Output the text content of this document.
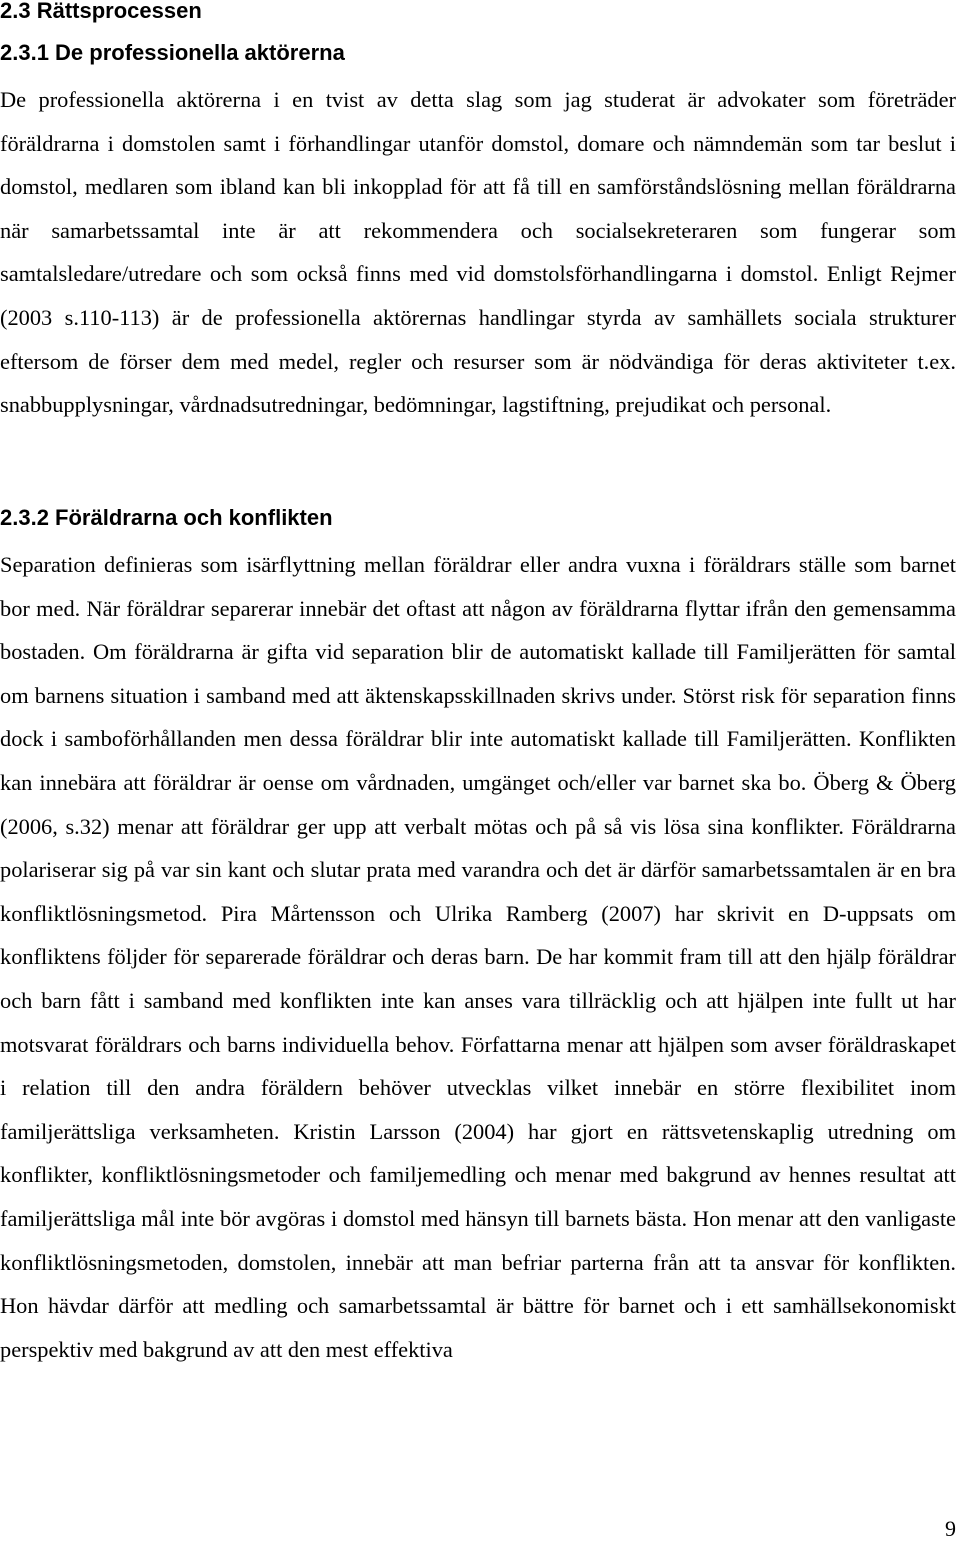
2.3 Rättsprocessen
2.3.1 De professionella aktörerna

De professionella aktörerna i en tvist av detta slag som jag studerat är advokater som företräder föräldrarna i domstolen samt i förhandlingar utanför domstol, domare och nämndemän som tar beslut i domstol, medlaren som ibland kan bli inkopplad för att få till en samförståndslösning mellan föräldrarna när samarbetssamtal inte är att rekommendera och socialsekreteraren som fungerar som samtalsledare/utredare och som också finns med vid domstolsförhandlingarna i domstol. Enligt Rejmer (2003 s.110-113) är de professionella aktörernas handlingar styrda av samhällets sociala strukturer eftersom de förser dem med medel, regler och resurser som är nödvändiga för deras aktiviteter t.ex. snabbupplysningar, vårdnadsutredningar, bedömningar, lagstiftning, prejudikat och personal.

2.3.2 Föräldrarna och konflikten

Separation definieras som isärflyttning mellan föräldrar eller andra vuxna i föräldrars ställe som barnet bor med. När föräldrar separerar innebär det oftast att någon av föräldrarna flyttar ifrån den gemensamma bostaden. Om föräldrarna är gifta vid separation blir de automatiskt kallade till Familjerätten för samtal om barnens situation i samband med att äktenskapsskillnaden skrivs under. Störst risk för separation finns dock i samboförhållanden men dessa föräldrar blir inte automatiskt kallade till Familjerätten. Konflikten kan innebära att föräldrar är oense om vårdnaden, umgänget och/eller var barnet ska bo. Öberg & Öberg (2006, s.32) menar att föräldrar ger upp att verbalt mötas och på så vis lösa sina konflikter. Föräldrarna polariserar sig på var sin kant och slutar prata med varandra och det är därför samarbetssamtalen är en bra konfliktlösningsmetod. Pira Mårtensson och Ulrika Ramberg (2007) har skrivit en D-uppsats om konfliktens följder för separerade föräldrar och deras barn. De har kommit fram till att den hjälp föräldrar och barn fått i samband med konflikten inte kan anses vara tillräcklig och att hjälpen inte fullt ut har motsvarat föräldrars och barns individuella behov. Författarna menar att hjälpen som avser föräldraskapet i relation till den andra föräldern behöver utvecklas vilket innebär en större flexibilitet inom familjerättsliga verksamheten. Kristin Larsson (2004) har gjort en rättsvetenskaplig utredning om konflikter, konfliktlösningsmetoder och familjemedling och menar med bakgrund av hennes resultat att familjerättsliga mål inte bör avgöras i domstol med hänsyn till barnets bästa. Hon menar att den vanligaste konfliktlösningsmetoden, domstolen, innebär att man befriar parterna från att ta ansvar för konflikten. Hon hävdar därför att medling och samarbetssamtal är bättre för barnet och i ett samhällsekonomiskt perspektiv med bakgrund av att den mest effektiva

9
